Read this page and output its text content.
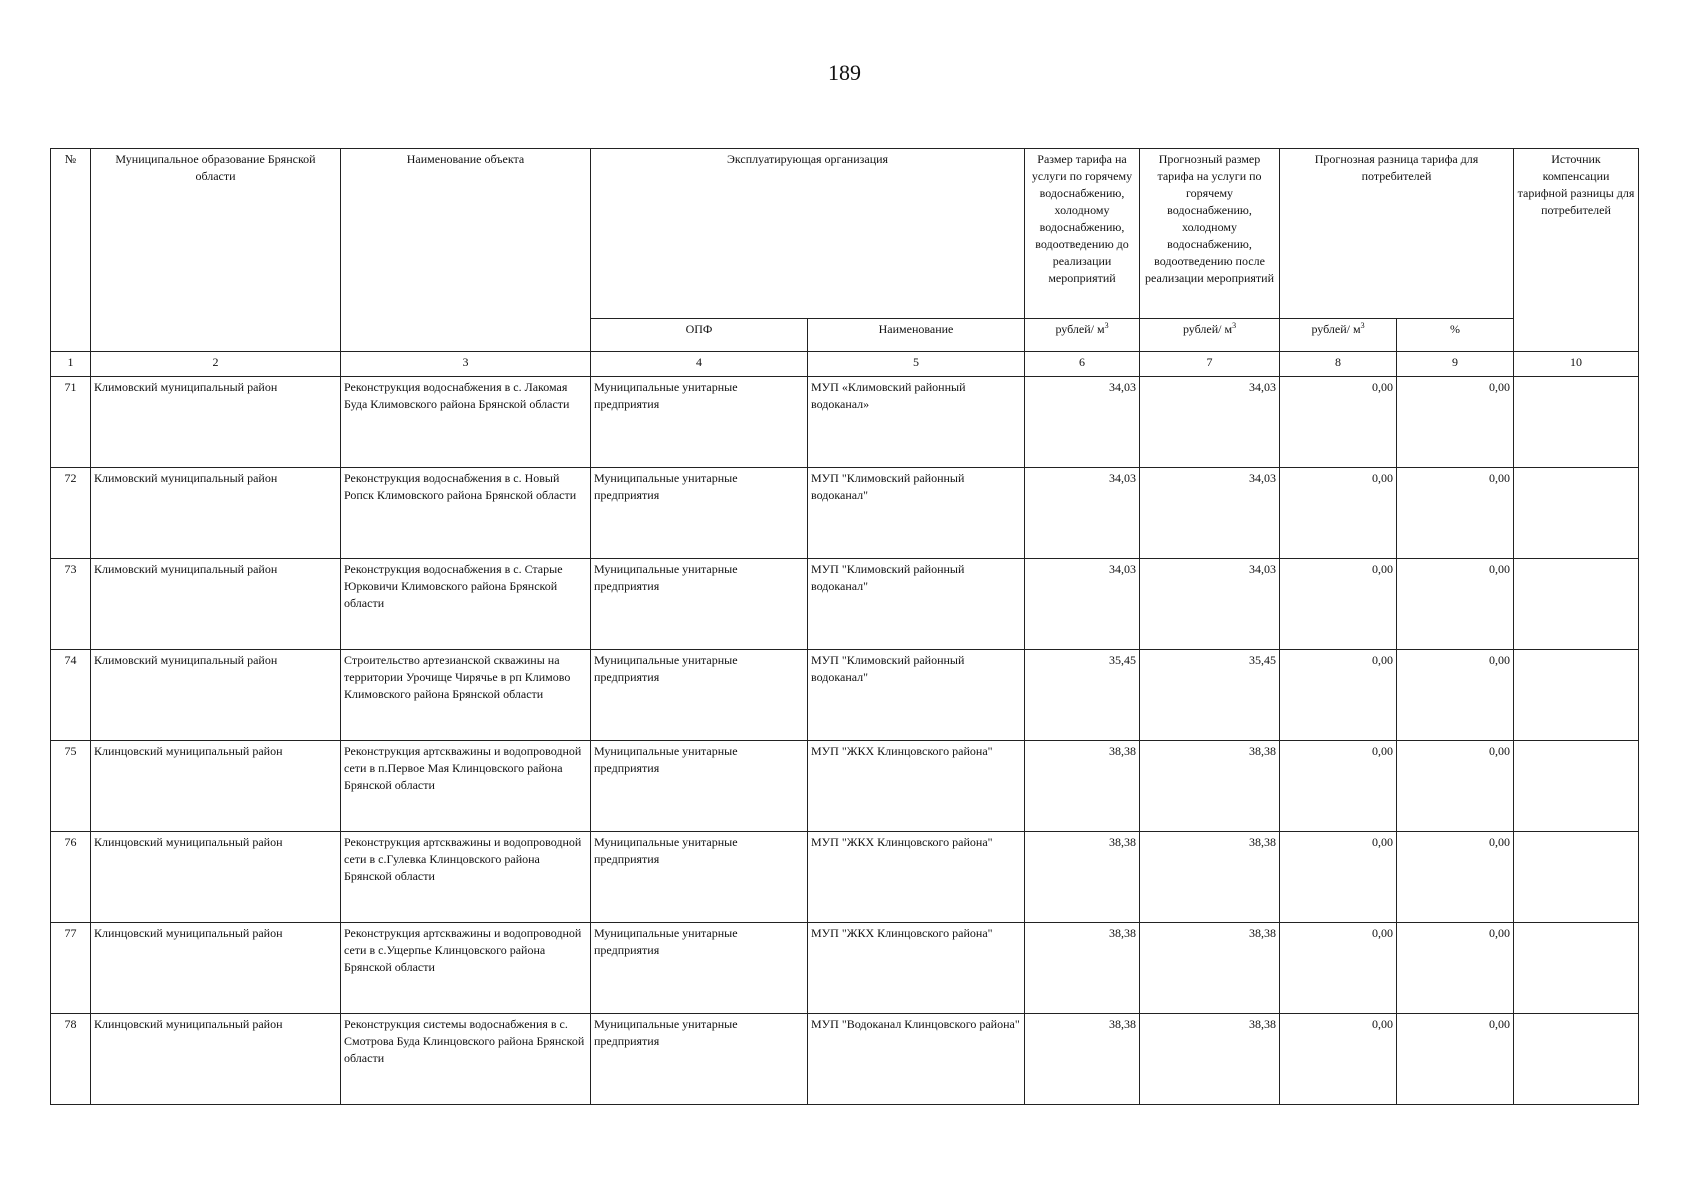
189
№	Муниципальное образование Брянской области	Наименование объекта	Эксплуатирующая организация		Размер тарифа на услуги по горячему водоснабжению, холодному водоснабжению, водоотведению до реализации мероприятий	Прогнозный размер тарифа на услуги по горячему водоснабжению, холодному водоснабжению, водоотведению после реализации мероприятий	Прогнозная разница тарифа для потребителей		Источник компенсации тарифной разницы для потребителей
			ОПФ	Наименование	рублей/ $м^3$	рублей/ $м^3$	рублей/ $м^3$	%	
1	2	3	4	5	6	7	8	9	10
71	Климовский муниципальный район	Реконструкция водоснабжения в с. Лакомая Буда Климовского района Брянской области	Муниципальные унитарные предприятия	МУП «Климовский районный водоканал»	34,03	34,03	0,00	0,00	
72	Климовский муниципальный район	Реконструкция водоснабжения в с. Новый Ропск Климовского района Брянской области	Муниципальные унитарные предприятия	МУП "Климовский районный водоканал"	34,03	34,03	0,00	0,00	
73	Климовский муниципальный район	Реконструкция водоснабжения в с. Старые Юрковичи Климовского района Брянской области	Муниципальные унитарные предприятия	МУП "Климовский районный водоканал"	34,03	34,03	0,00	0,00	
74	Климовский муниципальный район	Строительство артезианской скважины на территории Урочище Чирячье в рп Климово Климовского района Брянской области	Муниципальные унитарные предприятия	МУП "Климовский районный водоканал"	35,45	35,45	0,00	0,00	
75	Клинцовский муниципальный район	Реконструкция артскважины и водопроводной сети в п.Первое Мая Клинцовского района Брянской области	Муниципальные унитарные предприятия	МУП "ЖКХ Клинцовского района"	38,38	38,38	0,00	0,00	
76	Клинцовский муниципальный район	Реконструкция артскважины и водопроводной сети в с.Гулевка Клинцовского района Брянской области	Муниципальные унитарные предприятия	МУП "ЖКХ Клинцовского района"	38,38	38,38	0,00	0,00	
77	Клинцовский муниципальный район	Реконструкция артскважины и водопроводной сети в с.Ущерпье Клинцовского района Брянской области	Муниципальные унитарные предприятия	МУП "ЖКХ Клинцовского района"	38,38	38,38	0,00	0,00	
78	Клинцовский муниципальный район	Реконструкция системы водоснабжения в с. Смотрова Буда Клинцовского района Брянской области	Муниципальные унитарные предприятия	МУП "Водоканал Клинцовского района"	38,38	38,38	0,00	0,00	
